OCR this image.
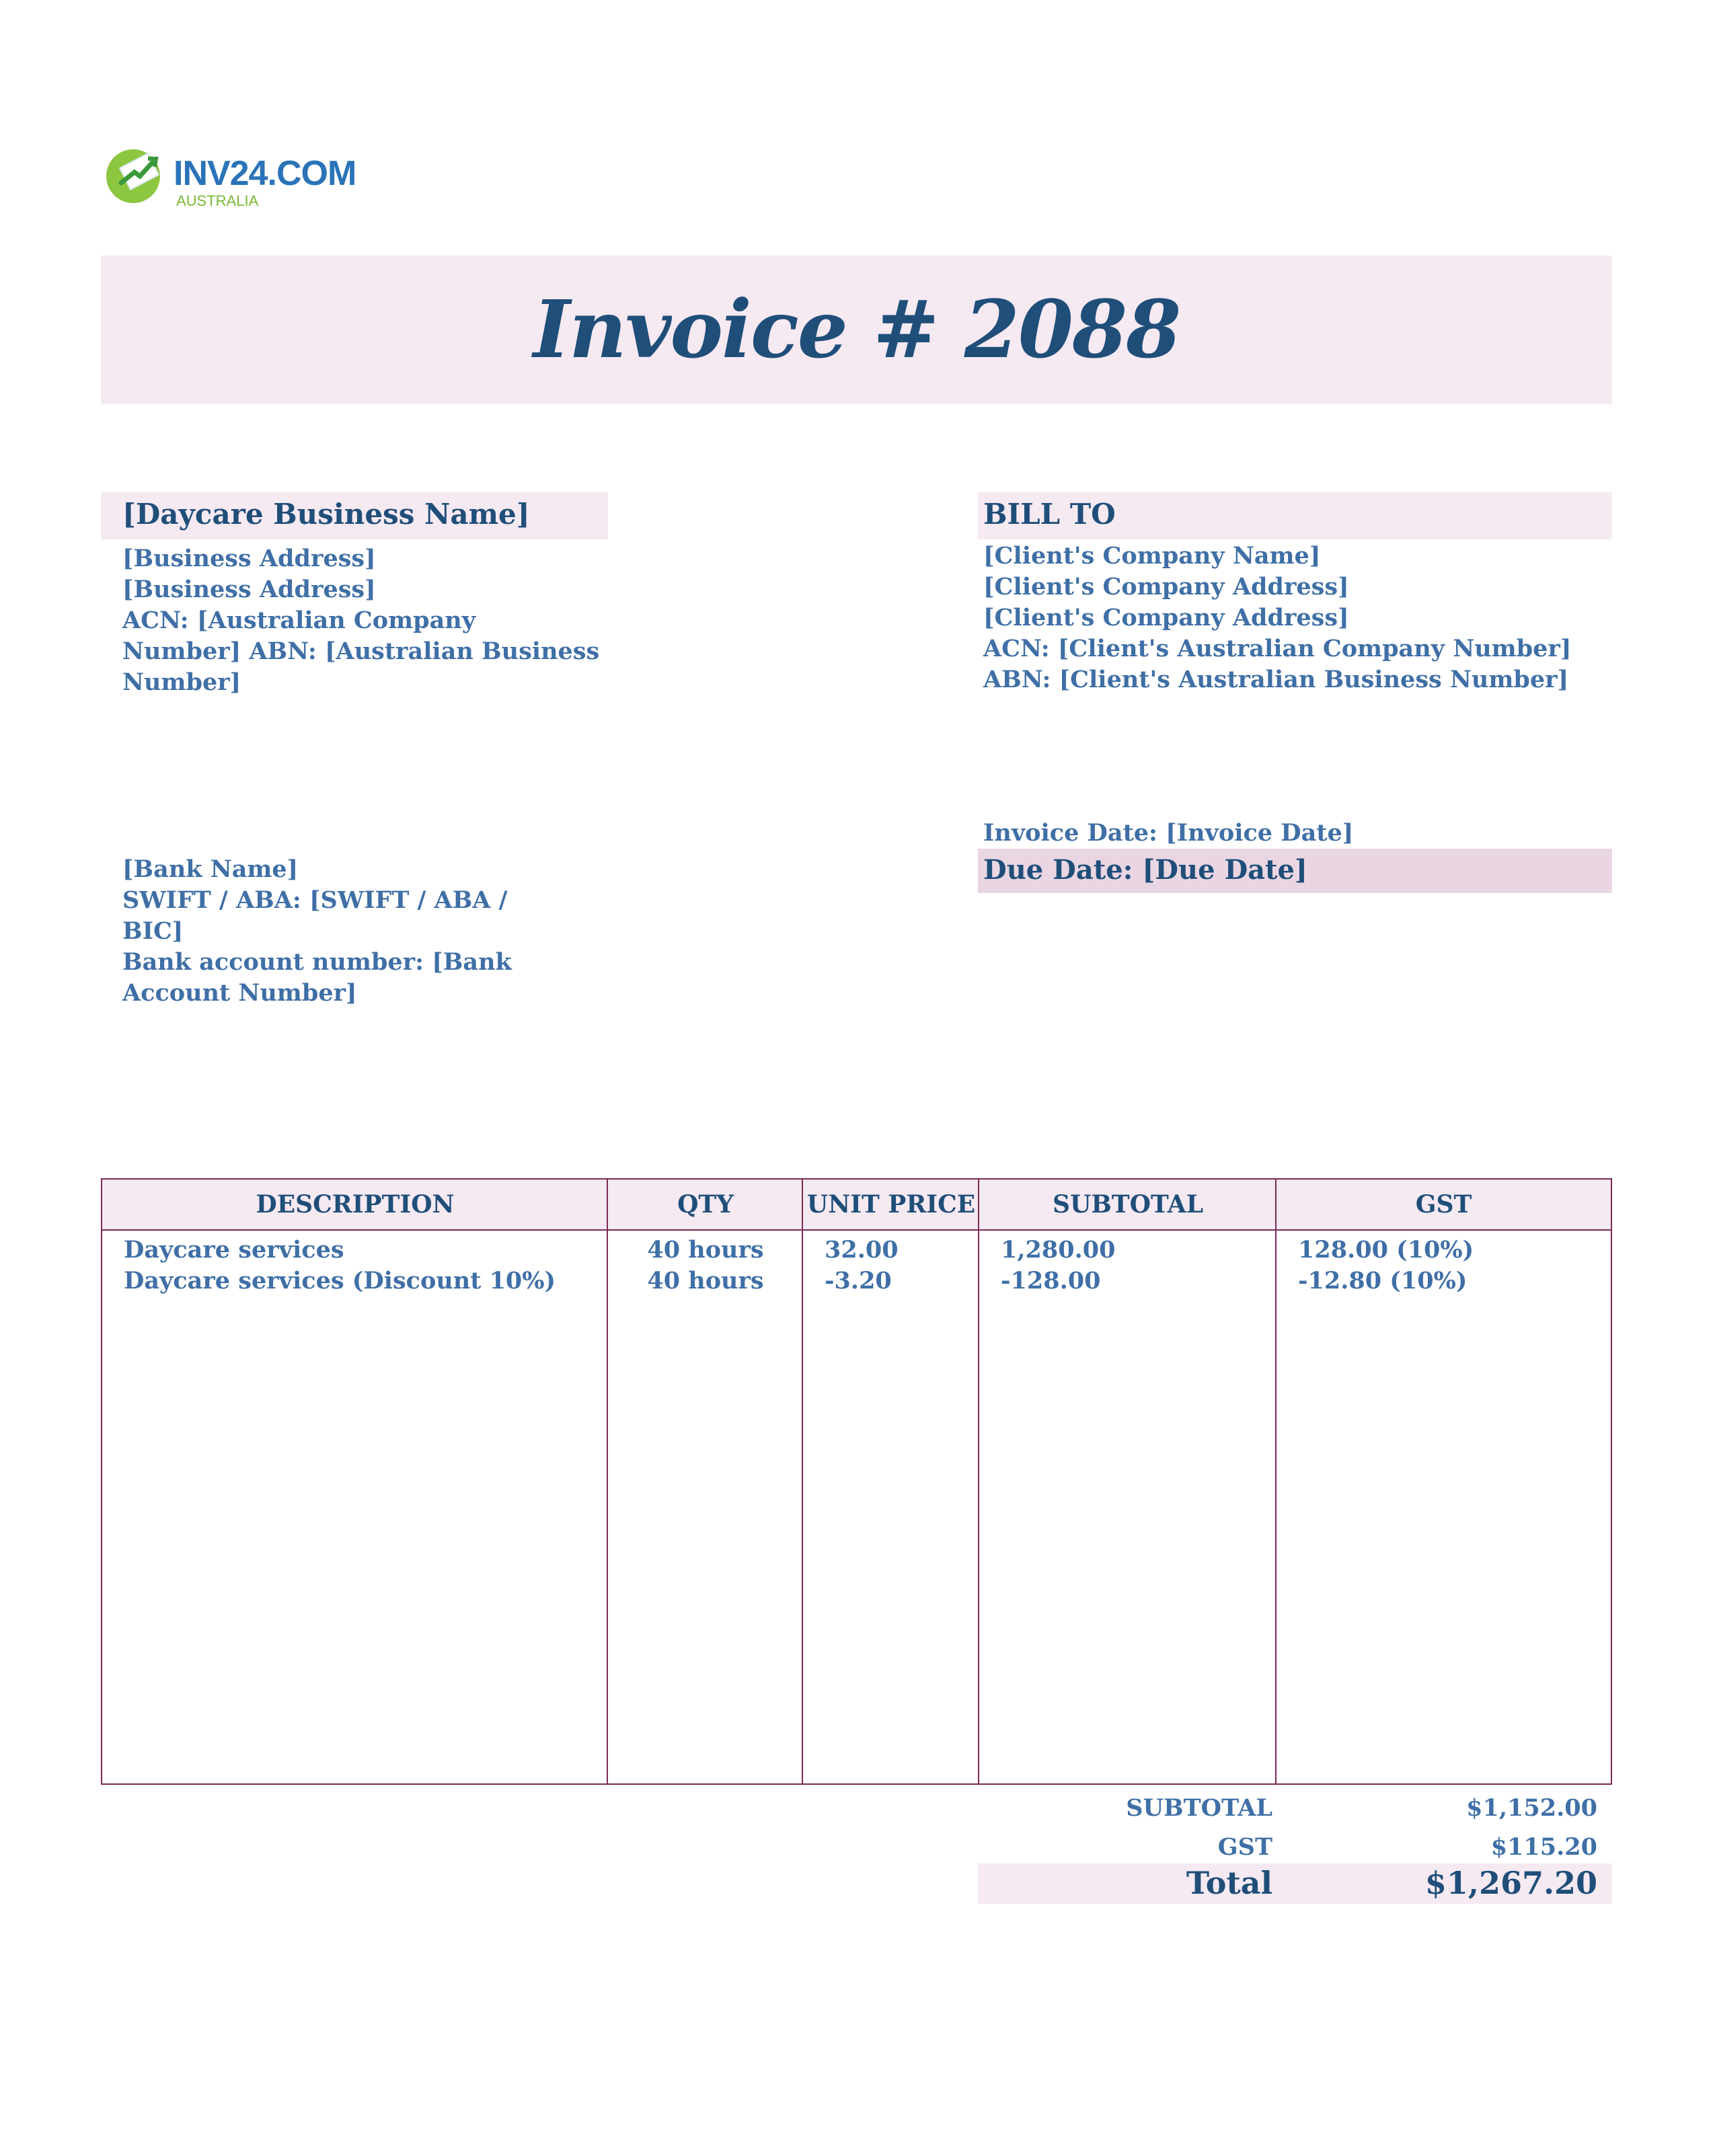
INV24.COM
AUSTRALIA
Invoice # 2088
[Daycare Business Name]
[Business Address]
[Business Address]
ACN: [Australian Company
Number] ABN: [Australian Business
Number]
BILL TO
[Client's Company Name]
[Client's Company Address]
[Client's Company Address]
ACN: [Client's Australian Company Number]
ABN: [Client's Australian Business Number]
[Bank Name]
SWIFT / ABA: [SWIFT / ABA / BIC]
Bank account number: [Bank
Account Number]
Invoice Date: [Invoice Date]
Due Date: [Due Date]
DESCRIPTION	QTY	UNIT PRICE	SUBTOTAL	GST
Daycare services	40 hours	32.00	1,280.00	128.00 (10%)
Daycare services (Discount 10%)	40 hours	-3.20	-128.00	-12.80 (10%)
SUBTOTAL	$1,152.00
GST	$115.20
Total	$1,267.20
